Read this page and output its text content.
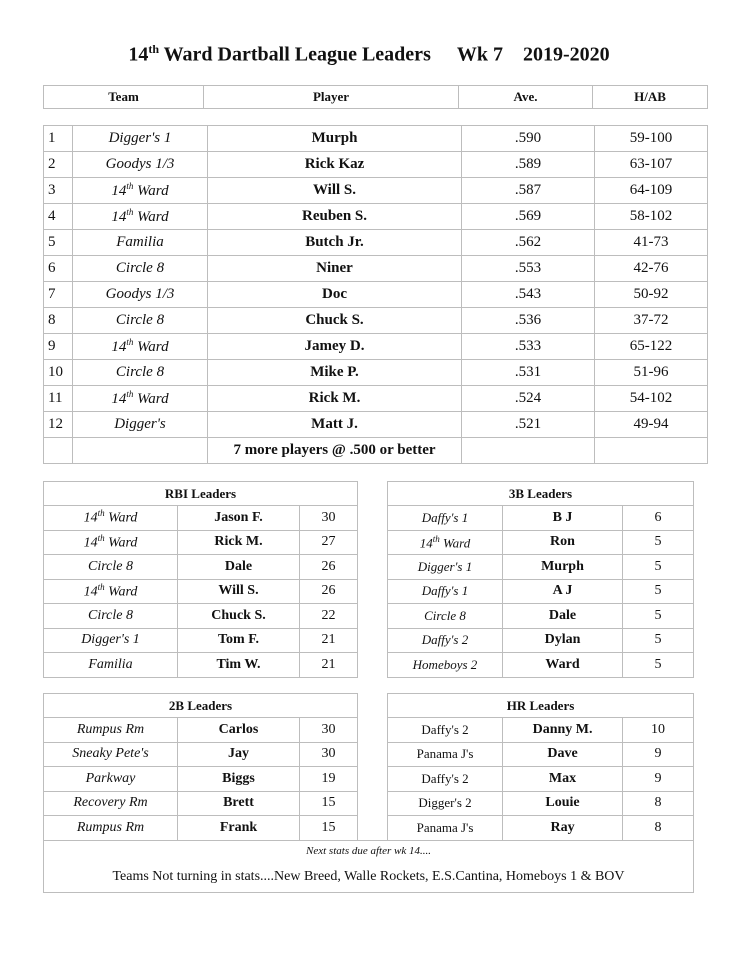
14th Ward Dartball League Leaders Wk 7 2019-2020
Team	Player	Ave.	H/AB
1	Digger's 1	Murph	.590	59-100
2	Goodys 1/3	Rick Kaz	.589	63-107
3	14th Ward	Will S.	.587	64-109
4	14th Ward	Reuben S.	.569	58-102
5	Familia	Butch Jr.	.562	41-73
6	Circle 8	Niner	.553	42-76
7	Goodys 1/3	Doc	.543	50-92
8	Circle 8	Chuck S.	.536	37-72
9	14th Ward	Jamey D.	.533	65-122
10	Circle 8	Mike P.	.531	51-96
11	14th Ward	Rick M.	.524	54-102
12	Digger's	Matt J.	.521	49-94
		7 more players @ .500 or better		
RBI Leaders				3B Leaders		
14th Ward	Jason F.	30		Daffy's 1	B J	6
14th Ward	Rick M.	27		14th Ward	Ron	5
Circle 8	Dale	26		Digger's 1	Murph	5
14th Ward	Will S.	26		Daffy's 1	A J	5
Circle 8	Chuck S.	22		Circle 8	Dale	5
Digger's 1	Tom F.	21		Daffy's 2	Dylan	5
Familia	Tim W.	21		Homeboys 2	Ward	5
2B Leaders				HR Leaders		
Rumpus Rm	Carlos	30		Daffy's 2	Danny M.	10
Sneaky Pete's	Jay	30		Panama J's	Dave	9
Parkway	Biggs	19		Daffy's 2	Max	9
Recovery Rm	Brett	15		Digger's 2	Louie	8
Rumpus Rm	Frank	15		Panama J's	Ray	8
Next stats due after wk 14....						
Teams Not turning in stats....New Breed, Walle Rockets, E.S.Cantina, Homeboys 1 & BOV						
